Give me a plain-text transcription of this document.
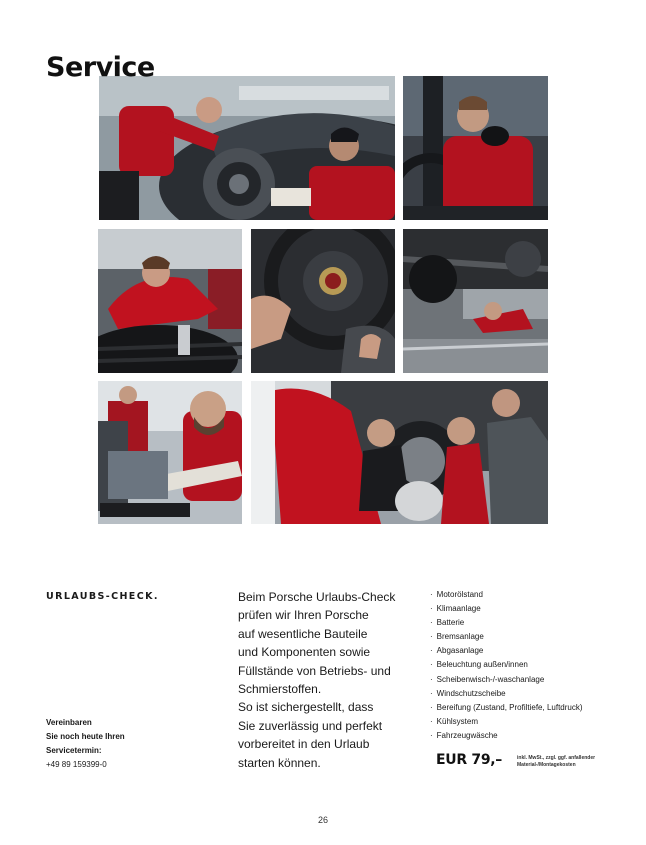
Service
URLAUBS-CHECK.
Vereinbaren
Sie noch heute Ihren
Servicetermin:
+49 89 159399-0

Beim Porsche Urlaubs-Check
prüfen wir Ihren Porsche
auf wesentliche Bauteile
und Komponenten sowie
Füllstände von Betriebs- und
Schmierstoffen.
So ist sichergestellt, dass
Sie zuverlässig und perfekt
vorbereitet in den Urlaub
starten können.

· Motorölstand
· Klimaanlage
· Batterie
· Bremsanlage
· Abgasanlage
· Beleuchtung außen/innen
· Scheibenwisch-/-waschanlage
· Windschutzscheibe
· Bereifung (Zustand, Profiltiefe, Luftdruck)
· Kühlsystem
· Fahrzeugwäsche
EUR 79,–	inkl. MwSt., zzgl. ggf. anfallender Material-/Montagekosten
26
